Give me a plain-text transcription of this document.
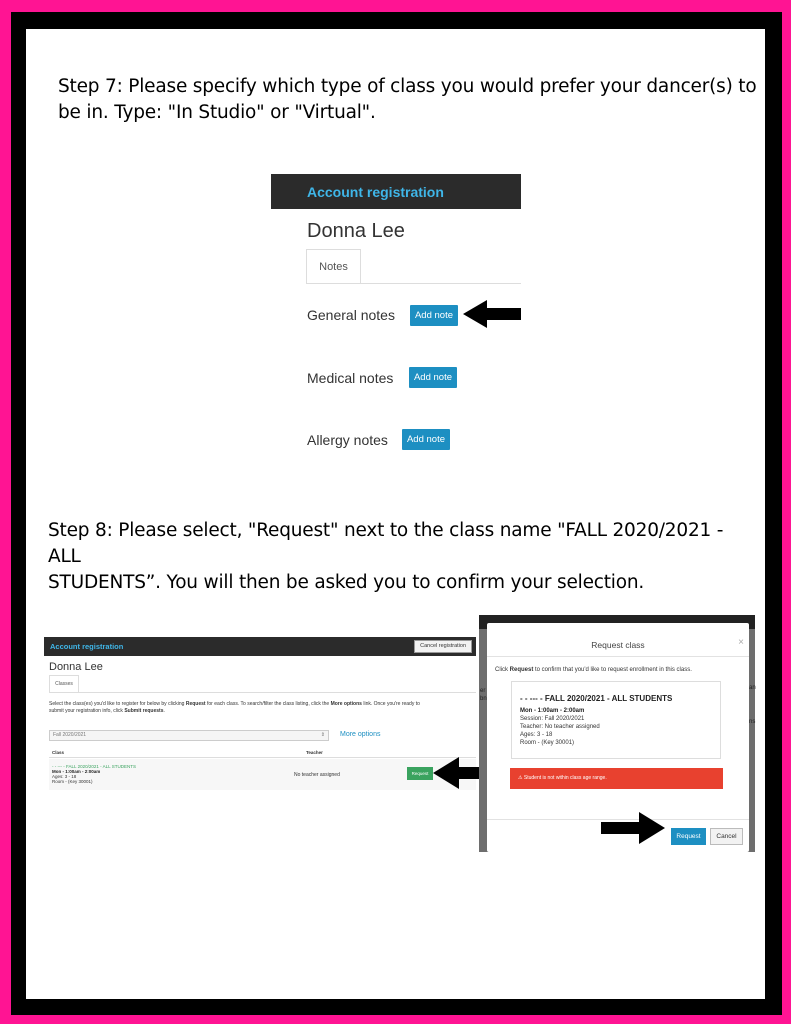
Step 7: Please specify which type of class you would prefer your dancer(s) to
be in. Type: "In Studio" or "Virtual".
Account registration
Donna Lee
Notes
General notes	Add note
Medical notes	Add note
Allergy notes	Add note
Step 8: Please select, "Request" next to the class name "FALL 2020/2021 - ALL
STUDENTS”. You will then be asked you to confirm your selection.
Account registration	Cancel registration
Donna Lee
Classes
Select the class(es) you'd like to register for below by clicking Request for each class. To search/filter the class listing, click the More options link. Once you're ready to
submit your registration info, click Submit requests.
Fall 2020/2021	⇕ More options
Class	Teacher
- - --- - FALL 2020/2021 - ALL STUDENTS
Mon - 1:00am - 2:00am
Ages: 3 - 18
Room - (Key 30001)
No teacher assigned	Request
er
bn
an
ns
Request class	×
Click Request to confirm that you'd like to request enrollment in this class.
- - --- - FALL 2020/2021 - ALL STUDENTS
Mon - 1:00am - 2:00am
Session: Fall 2020/2021
Teacher: No teacher assigned
Ages: 3 - 18
Room - (Key 30001)
⚠ Student is not within class age range.
Request	Cancel
